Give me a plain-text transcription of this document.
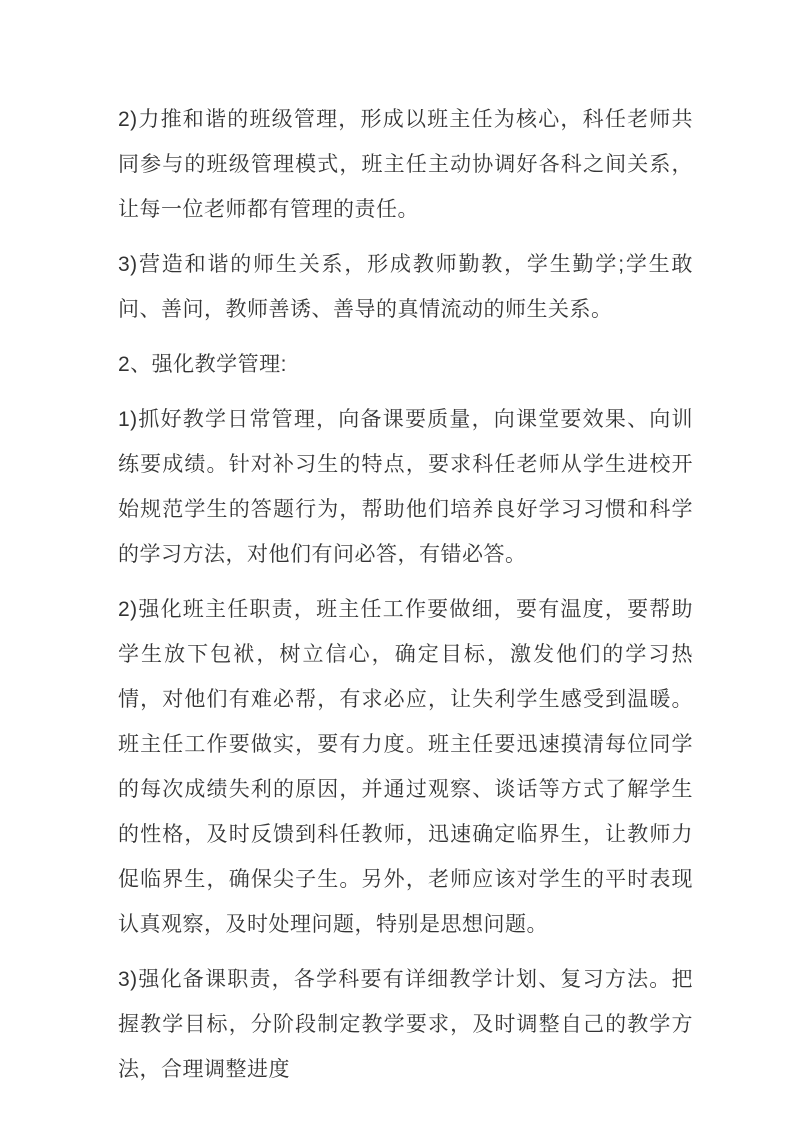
2)力推和谐的班级管理，形成以班主任为核心，科任老师共同参与的班级管理模式，班主任主动协调好各科之间关系，让每一位老师都有管理的责任。

3)营造和谐的师生关系，形成教师勤教，学生勤学;学生敢问、善问，教师善诱、善导的真情流动的师生关系。

2、强化教学管理:

1)抓好教学日常管理，向备课要质量，向课堂要效果、向训练要成绩。针对补习生的特点，要求科任老师从学生进校开始规范学生的答题行为，帮助他们培养良好学习习惯和科学的学习方法，对他们有问必答，有错必答。

2)强化班主任职责，班主任工作要做细，要有温度，要帮助学生放下包袱，树立信心，确定目标，激发他们的学习热情，对他们有难必帮，有求必应，让失利学生感受到温暖。班主任工作要做实，要有力度。班主任要迅速摸清每位同学的每次成绩失利的原因，并通过观察、谈话等方式了解学生的性格，及时反馈到科任教师，迅速确定临界生，让教师力促临界生，确保尖子生。另外，老师应该对学生的平时表现认真观察，及时处理问题，特别是思想问题。

3)强化备课职责，各学科要有详细教学计划、复习方法。把握教学目标，分阶段制定教学要求，及时调整自己的教学方法，合理调整进度
